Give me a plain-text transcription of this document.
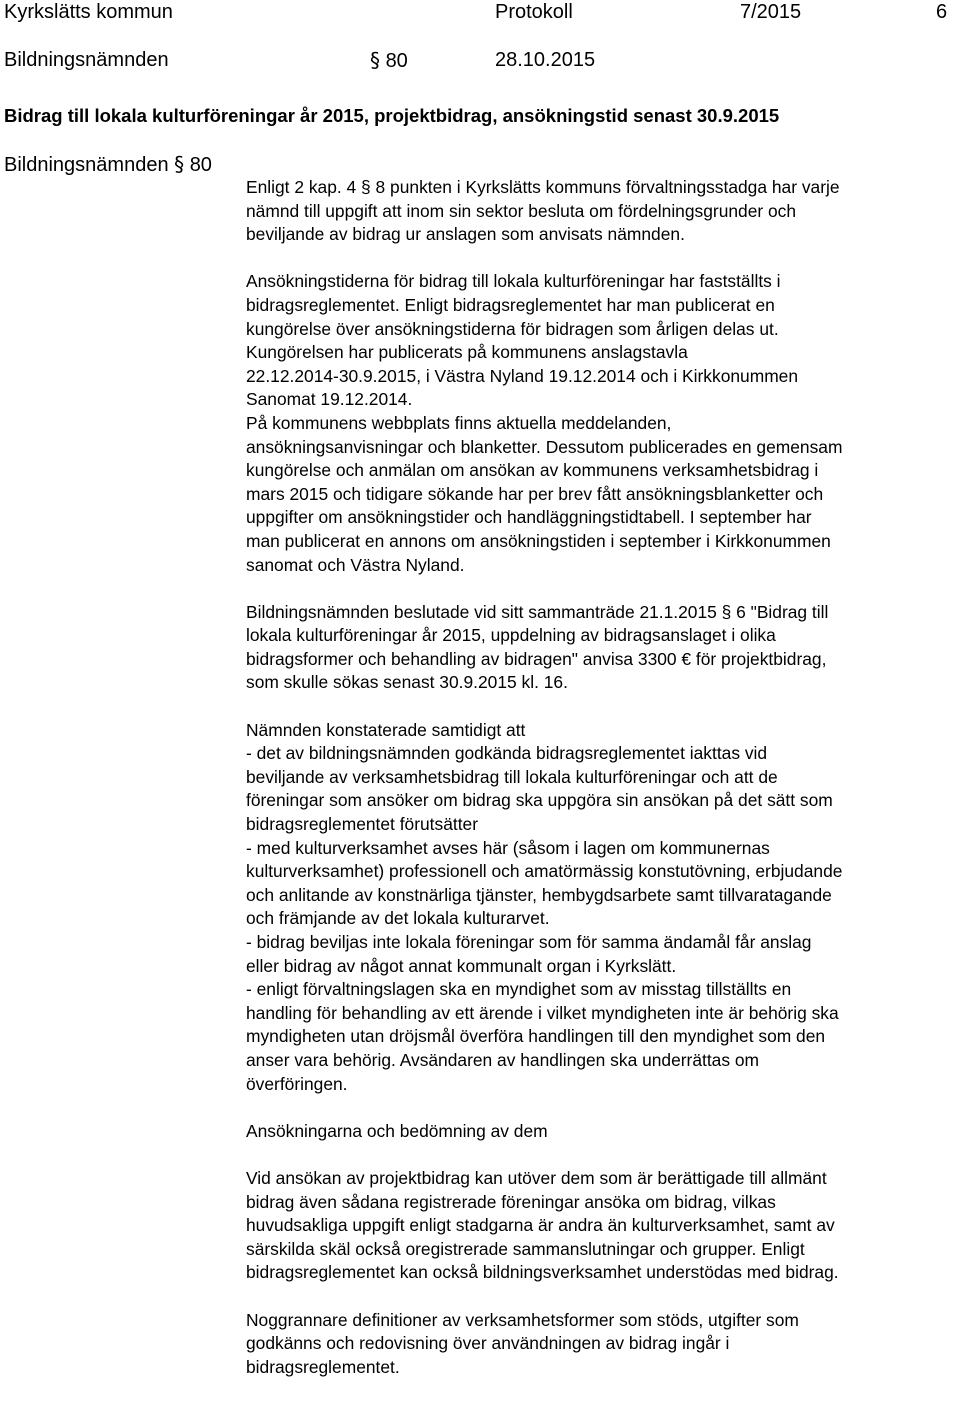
Kyrkslätts kommun	Protokoll	7/2015	6
Bildningsnämnden	§ 80	28.10.2015
Bidrag till lokala kulturföreningar år 2015, projektbidrag, ansökningstid senast 30.9.2015
Bildningsnämnden § 80

Enligt 2 kap. 4 § 8 punkten i Kyrkslätts kommuns förvaltningsstadga har varje
nämnd till uppgift att inom sin sektor besluta om fördelningsgrunder och
beviljande av bidrag ur anslagen som anvisats nämnden.

Ansökningstiderna för bidrag till lokala kulturföreningar har fastställts i
bidragsreglementet. Enligt bidragsreglementet har man publicerat en
kungörelse över ansökningstiderna för bidragen som årligen delas ut.
Kungörelsen har publicerats på kommunens anslagstavla
22.12.2014-30.9.2015, i Västra Nyland 19.12.2014 och i Kirkkonummen
Sanomat 19.12.2014.
På kommunens webbplats finns aktuella meddelanden,
ansökningsanvisningar och blanketter. Dessutom publicerades en gemensam
kungörelse och anmälan om ansökan av kommunens verksamhetsbidrag i
mars 2015 och tidigare sökande har per brev fått ansökningsblanketter och
uppgifter om ansökningstider och handläggningstidtabell. I september har
man publicerat en annons om ansökningstiden i september i Kirkkonummen
sanomat och Västra Nyland.

Bildningsnämnden beslutade vid sitt sammanträde 21.1.2015 § 6 "Bidrag till
lokala kulturföreningar år 2015, uppdelning av bidragsanslaget i olika
bidragsformer och behandling av bidragen" anvisa 3300 € för projektbidrag,
som skulle sökas senast 30.9.2015 kl. 16.

Nämnden konstaterade samtidigt att
- det av bildningsnämnden godkända bidragsreglementet iakttas vid
beviljande av verksamhetsbidrag till lokala kulturföreningar och att de
föreningar som ansöker om bidrag ska uppgöra sin ansökan på det sätt som
bidragsreglementet förutsätter
- med kulturverksamhet avses här (såsom i lagen om kommunernas
kulturverksamhet) professionell och amatörmässig konstutövning, erbjudande
och anlitande av konstnärliga tjänster, hembygdsarbete samt tillvaratagande
och främjande av det lokala kulturarvet.
- bidrag beviljas inte lokala föreningar som för samma ändamål får anslag
eller bidrag av något annat kommunalt organ i Kyrkslätt.
- enligt förvaltningslagen ska en myndighet som av misstag tillställts en
handling för behandling av ett ärende i vilket myndigheten inte är behörig ska
myndigheten utan dröjsmål överföra handlingen till den myndighet som den
anser vara behörig. Avsändaren av handlingen ska underrättas om
överföringen.

Ansökningarna och bedömning av dem

Vid ansökan av projektbidrag kan utöver dem som är berättigade till allmänt
bidrag även sådana registrerade föreningar ansöka om bidrag, vilkas
huvudsakliga uppgift enligt stadgarna är andra än kulturverksamhet, samt av
särskilda skäl också oregistrerade sammanslutningar och grupper. Enligt
bidragsreglementet kan också bildningsverksamhet understödas med bidrag.

Noggrannare definitioner av verksamhetsformer som stöds, utgifter som
godkänns och redovisning över användningen av bidrag ingår i
bidragsreglementet.
